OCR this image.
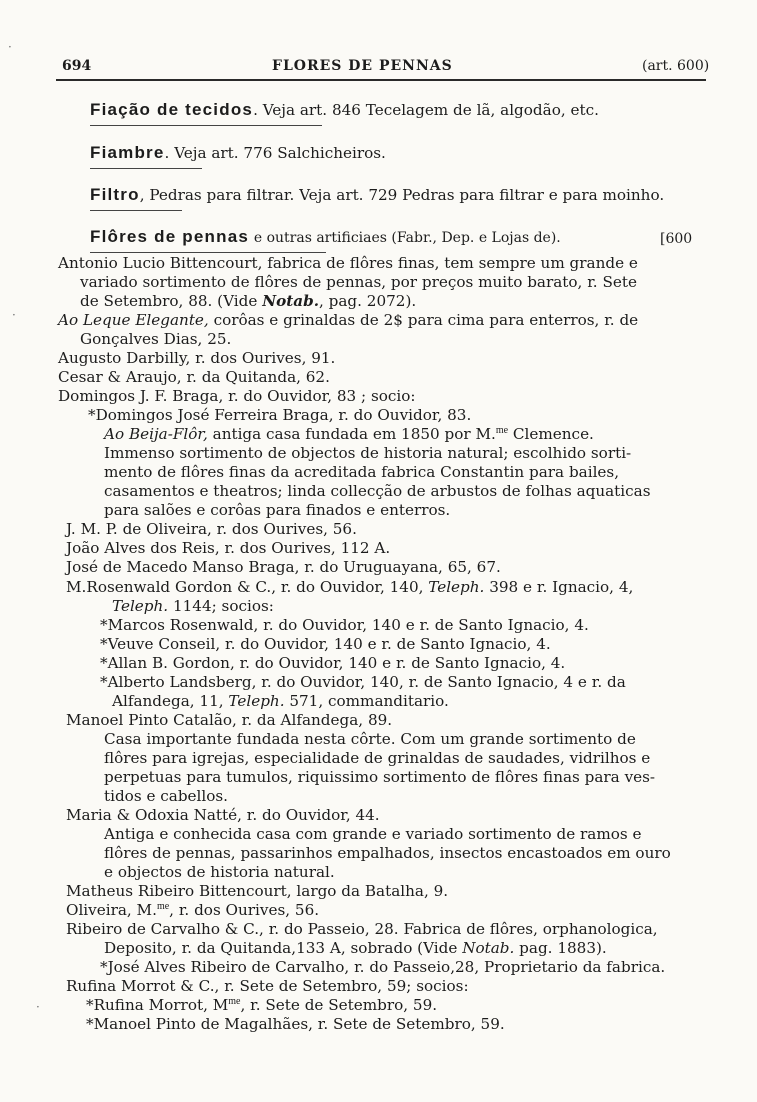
694	FLORES DE PENNAS	(art. 600)
Fiação de tecidos. Veja art. 846 Tecelagem de lã, algodão, etc.
Fiambre. Veja art. 776 Salchicheiros.
Filtro, Pedras para filtrar. Veja art. 729 Pedras para filtrar e para moinho.
Flôres de pennas e outras artificiaes (Fabr., Dep. e Lojas de).	[600
Antonio Lucio Bittencourt, fabrica de flôres finas, tem sempre um grande e
variado sortimento de flôres de pennas, por preços muito barato, r. Sete
de Setembro, 88. (Vide Notab., pag. 2072).
Ao Leque Elegante, corôas e grinaldas de 2$ para cima para enterros, r. de
Gonçalves Dias, 25.
Augusto Darbilly, r. dos Ourives, 91.
Cesar & Araujo, r. da Quitanda, 62.
Domingos J. F. Braga, r. do Ouvidor, 83 ; socio:
*Domingos José Ferreira Braga, r. do Ouvidor, 83.
Ao Beija-Flôr, antiga casa fundada em 1850 por M.$^{me}$ Clemence.
Immenso sortimento de objectos de historia natural; escolhido sorti-
mento de flôres finas da acreditada fabrica Constantin para bailes,
casamentos e theatros; linda collecção de arbustos de folhas aquaticas
para salões e corôas para finados e enterros.
J. M. P. de Oliveira, r. dos Ourives, 56.
João Alves dos Reis, r. dos Ourives, 112 A.
José de Macedo Manso Braga, r. do Uruguayana, 65, 67.
M.Rosenwald Gordon & C., r. do Ouvidor, 140, Teleph. 398 e r. Ignacio, 4,
Teleph. 1144; socios:
*Marcos Rosenwald, r. do Ouvidor, 140 e r. de Santo Ignacio, 4.
*Veuve Conseil, r. do Ouvidor, 140 e r. de Santo Ignacio, 4.
*Allan B. Gordon, r. do Ouvidor, 140 e r. de Santo Ignacio, 4.
*Alberto Landsberg, r. do Ouvidor, 140, r. de Santo Ignacio, 4 e r. da
Alfandega, 11, Teleph. 571, commanditario.
Manoel Pinto Catalão, r. da Alfandega, 89.
Casa importante fundada nesta côrte. Com um grande sortimento de
flôres para igrejas, especialidade de grinaldas de saudades, vidrilhos e
perpetuas para tumulos, riquissimo sortimento de flôres finas para ves-
tidos e cabellos.
Maria & Odoxia Natté, r. do Ouvidor, 44.
Antiga e conhecida casa com grande e variado sortimento de ramos e
flôres de pennas, passarinhos empalhados, insectos encastoados em ouro
e objectos de historia natural.
Matheus Ribeiro Bittencourt, largo da Batalha, 9.
Oliveira, M.$^{me}$, r. dos Ourives, 56.
Ribeiro de Carvalho & C., r. do Passeio, 28. Fabrica de flôres, orphanologica,
Deposito, r. da Quitanda,133 A, sobrado (Vide Notab. pag. 1883).
*José Alves Ribeiro de Carvalho, r. do Passeio,28, Proprietario da fabrica.
Rufina Morrot & C., r. Sete de Setembro, 59; socios:
*Rufina Morrot, $M^{me}$, r. Sete de Setembro, 59.
*Manoel Pinto de Magalhães, r. Sete de Setembro, 59.
·
·
·
